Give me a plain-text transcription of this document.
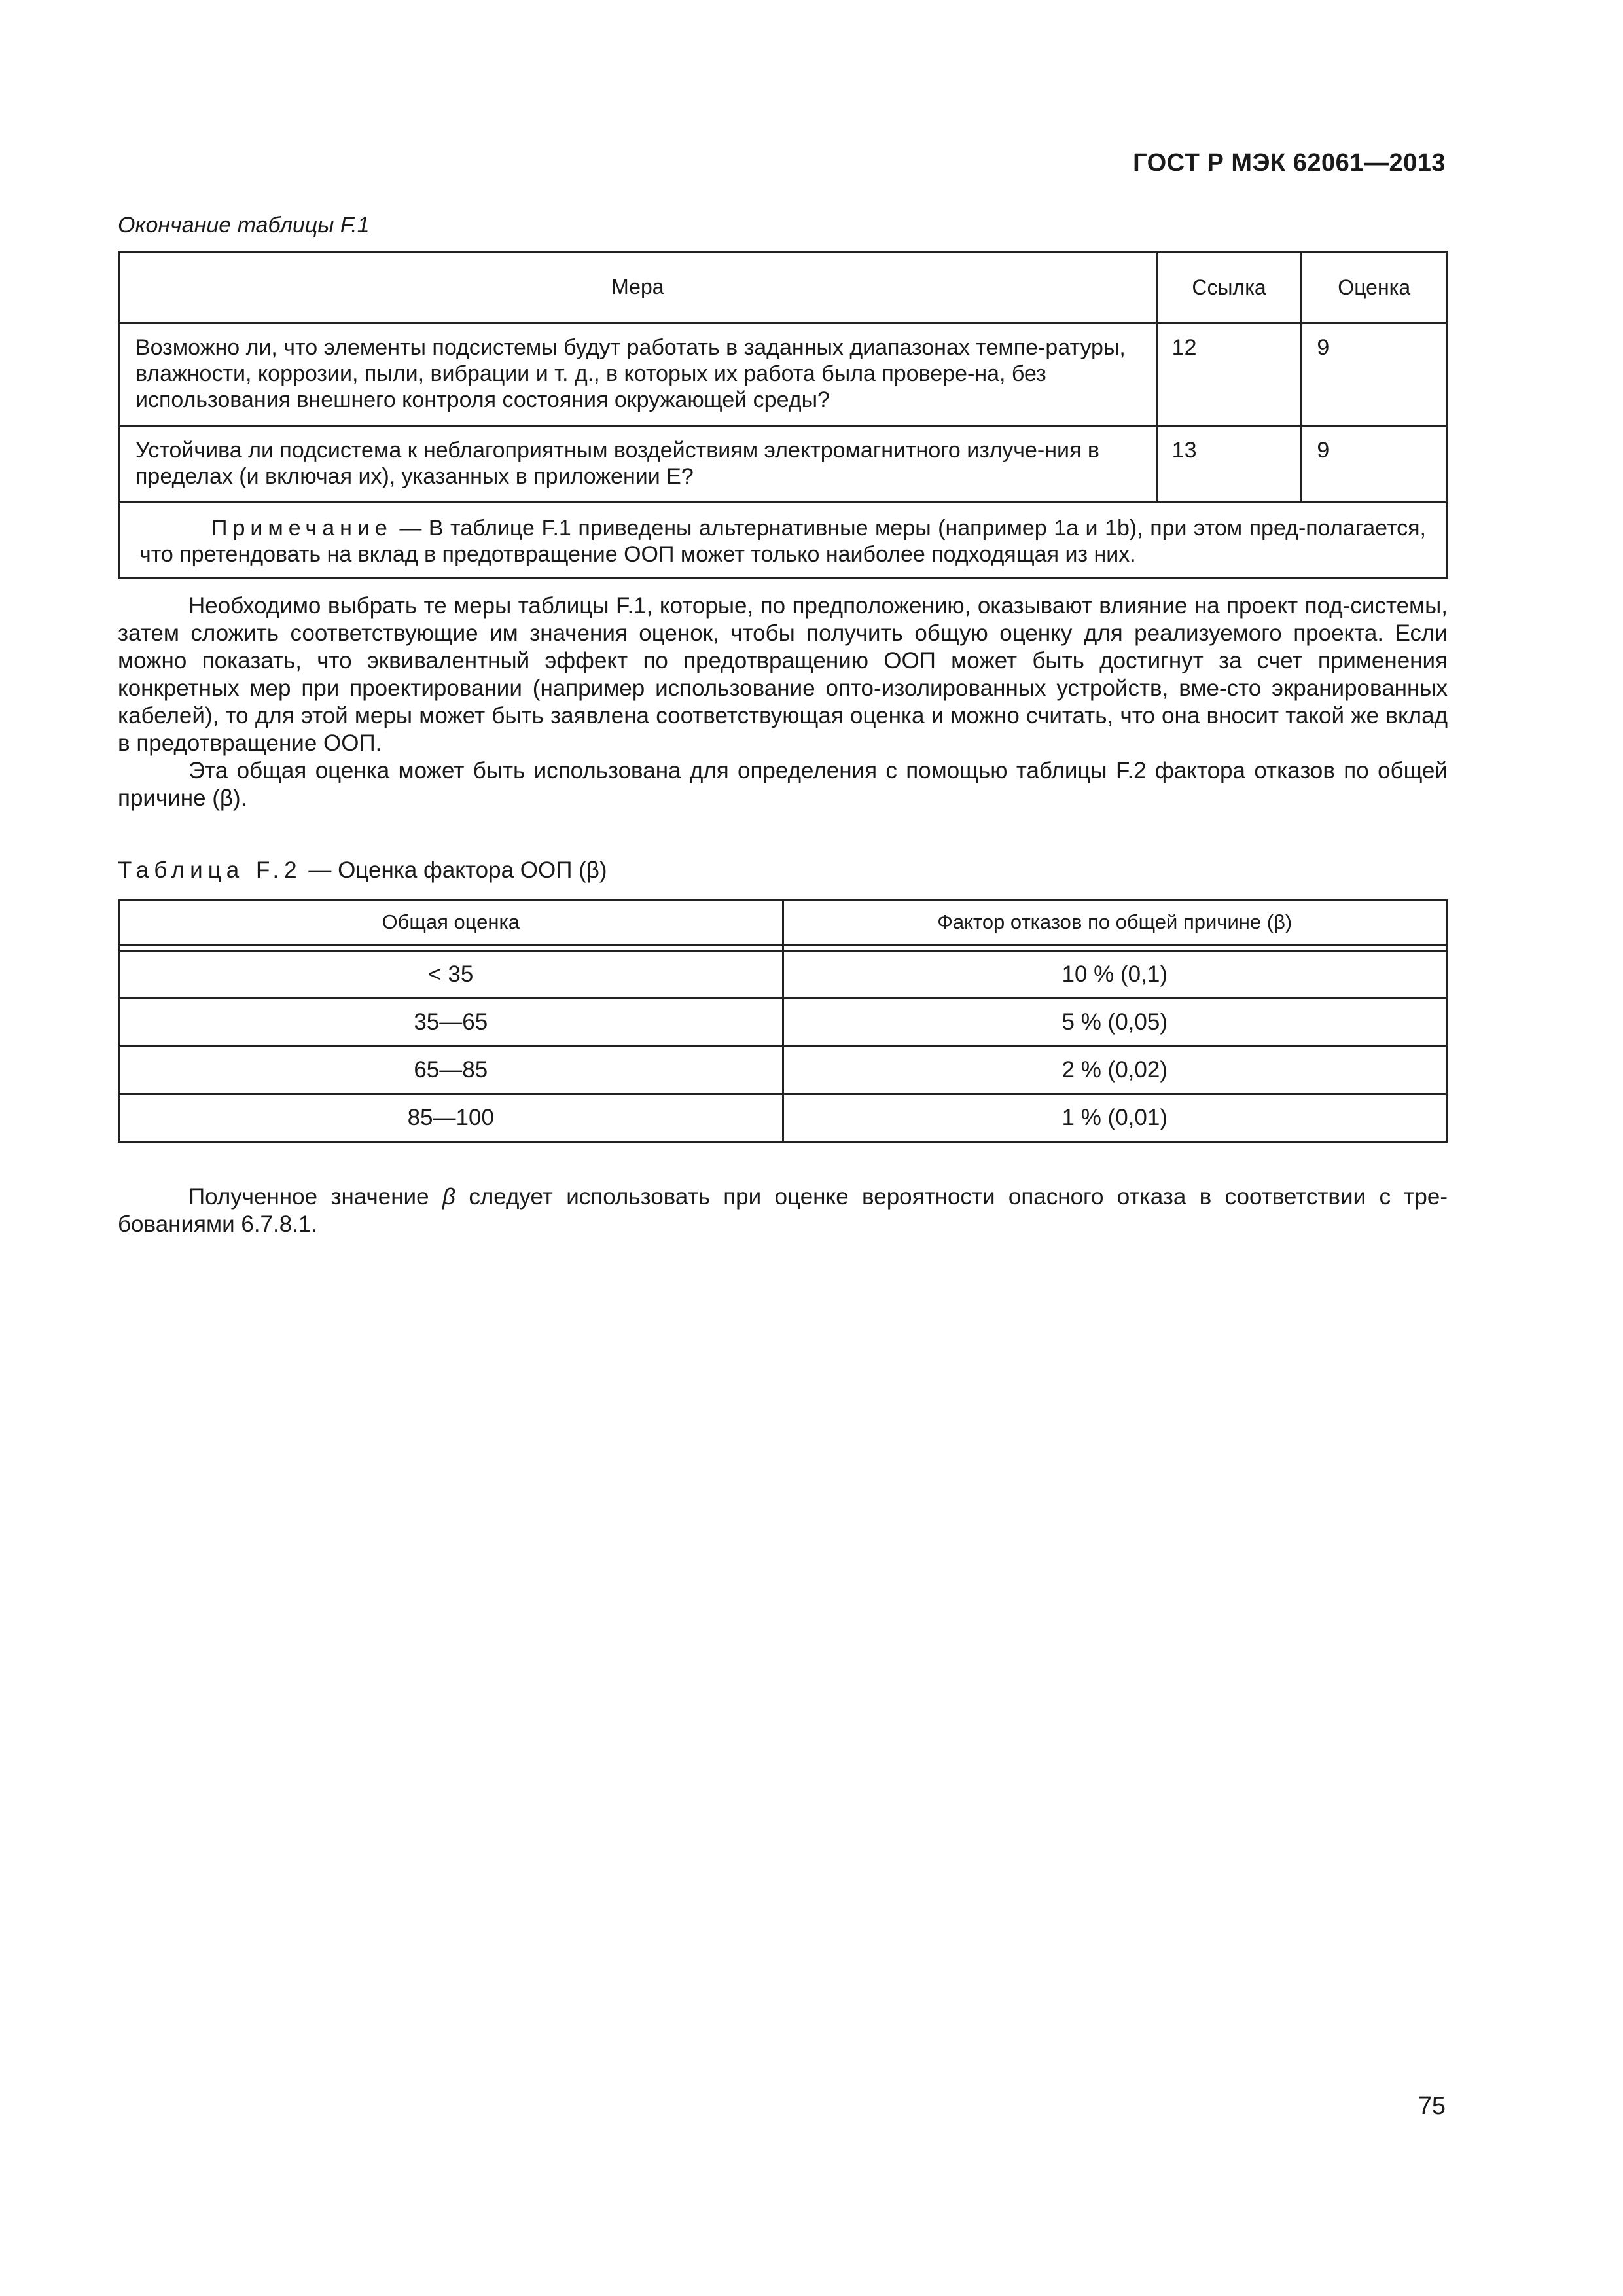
ГОСТ Р МЭК 62061—2013
Окончание таблицы F.1
Мера	Ссылка	Оценка
Возможно ли, что элементы подсистемы будут работать в заданных диапазонах темпе-ратуры, влажности, коррозии, пыли, вибрации и т. д., в которых их работа была провере-на, без использования внешнего контроля состояния окружающей среды?	12	9
Устойчива ли подсистема к неблагоприятным воздействиям электромагнитного излуче-ния в пределах (и включая их), указанных в приложении Е?	13	9

Примечание — В таблице F.1 приведены альтернативные меры (например 1a и 1b), при этом пред-полагается, что претендовать на вклад в предотвращение ООП может только наиболее подходящая из них.		

Необходимо выбрать те меры таблицы F.1, которые, по предположению, оказывают влияние на проект под-системы, затем сложить соответствующие им значения оценок, чтобы получить общую оценку для реализуемого проекта. Если можно показать, что эквивалентный эффект по предотвращению ООП может быть достигнут за счет применения конкретных мер при проектировании (например использование опто-изолированных устройств, вме-сто экранированных кабелей), то для этой меры может быть заявлена соответствующая оценка и можно считать, что она вносит такой же вклад в предотвращение ООП.

Эта общая оценка может быть использована для определения с помощью таблицы F.2 фактора отказов по общей причине (β).

Таблица F.2 — Оценка фактора ООП (β)
Общая оценка	Фактор отказов по общей причине (β)

< 35	10 % (0,1)
35—65	5 % (0,05)
65—85	2 % (0,02)
85—100	1 % (0,01)

Полученное значение β следует использовать при оценке вероятности опасного отказа в соответствии с тре-бованиями 6.7.8.1.

75
